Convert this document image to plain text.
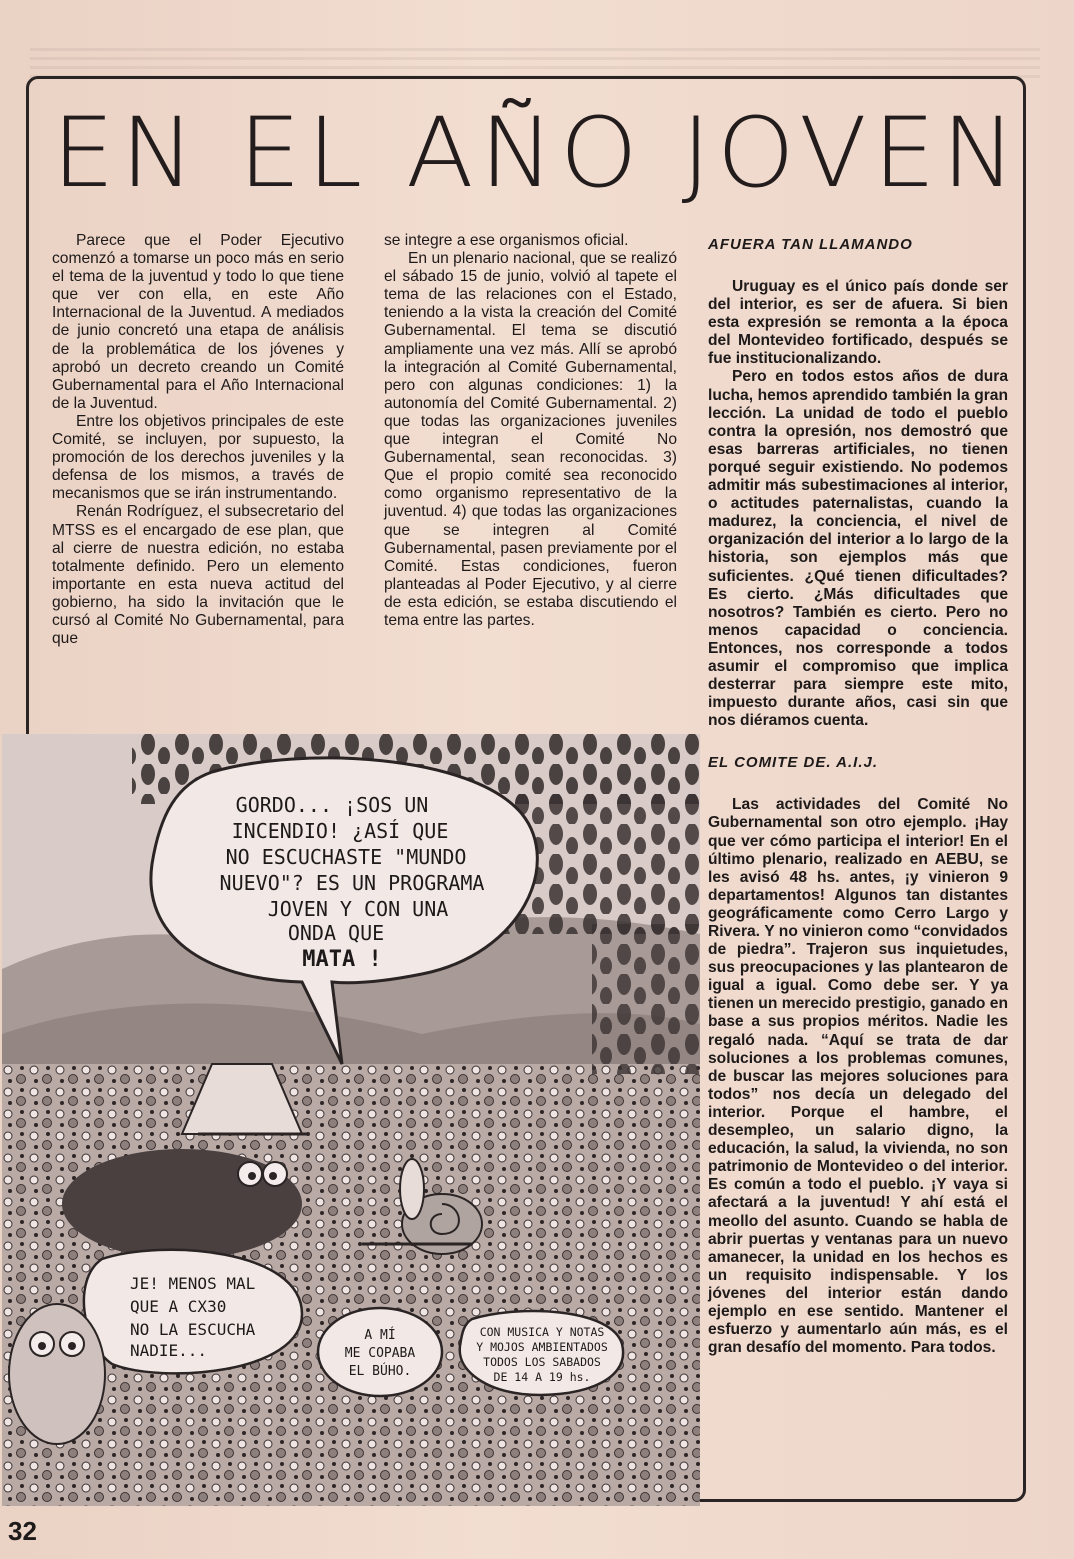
EN EL AÑO JOVEN

Parece que el Poder Ejecutivo comenzó a tomarse un poco más en serio el tema de la juventud y todo lo que tiene que ver con ella, en este Año Internacional de la Juventud. A mediados de junio concretó una etapa de análisis de la problemática de los jóvenes y aprobó un decreto creando un Comité Gubernamental para el Año Internacional de la Juventud.

Entre los objetivos principales de este Comité, se incluyen, por supuesto, la promoción de los derechos juveniles y la defensa de los mismos, a través de mecanismos que se irán instrumentando.

Renán Rodríguez, el subsecretario del MTSS es el encargado de ese plan, que al cierre de nuestra edición, no estaba totalmente definido. Pero un elemento importante en esta nueva actitud del gobierno, ha sido la invitación que le cursó al Comité No Gubernamental, para que

se integre a ese organismos oficial.

En un plenario nacional, que se realizó el sábado 15 de junio, volvió al tapete el tema de las relaciones con el Estado, teniendo a la vista la creación del Comité Gubernamental. El tema se discutió ampliamente una vez más. Allí se aprobó la integración al Comité Gubernamental, pero con algunas condiciones: 1) la autonomía del Comité Gubernamental. 2) que todas las organizaciones juveniles que integran el Comité No Gubernamental, sean reconocidas. 3) Que el propio comité sea reconocido como organismo representativo de la juventud. 4) que todas las organizaciones que se integren al Comité Gubernamental, pasen previamente por el Comité. Estas condiciones, fueron planteadas al Poder Ejecutivo, y al cierre de esta edición, se estaba discutiendo el tema entre las partes.

AFUERA TAN LLAMANDO

Uruguay es el único país donde ser del interior, es ser de afuera. Si bien esta expresión se remonta a la época del Montevideo fortificado, después se fue institucionalizando.

Pero en todos estos años de dura lucha, hemos aprendido también la gran lección. La unidad de todo el pueblo contra la opresión, nos demostró que esas barreras artificiales, no tienen porqué seguir existiendo. No podemos admitir más subestimaciones al interior, o actitudes paternalistas, cuando la madurez, la conciencia, el nivel de organización del interior a lo largo de la historia, son ejemplos más que suficientes. ¿Qué tienen dificultades? Es cierto. ¿Más dificultades que nosotros? También es cierto. Pero no menos capacidad o conciencia. Entonces, nos corresponde a todos asumir el compromiso que implica desterrar para siempre este mito, impuesto durante años, casi sin que nos diéramos cuenta.

EL COMITE DE. A.I.J.

Las actividades del Comité No Gubernamental son otro ejemplo. ¡Hay que ver cómo participa el interior! En el último plenario, realizado en AEBU, se les avisó 48 hs. antes, ¡y vinieron 9 departamentos! Algunos tan distantes geográficamente como Cerro Largo y Rivera. Y no vinieron como “convidados de piedra”. Trajeron sus inquietudes, sus preocupaciones y las plantearon de igual a igual. Como debe ser. Y ya tienen un merecido prestigio, ganado en base a sus propios méritos. Nadie les regaló nada. “Aquí se trata de dar soluciones a los problemas comunes, de buscar las mejores soluciones para todos” nos decía un delegado del interior. Porque el hambre, el desempleo, un salario digno, la educación, la salud, la vivienda, no son patrimonio de Montevideo o del interior. Es común a todo el pueblo. ¡Y vaya si afectará a la juventud! Y ahí está el meollo del asunto. Cuando se habla de abrir puertas y ventanas para un nuevo amanecer, la unidad en los hechos es un requisito indispensable. Y los jóvenes del interior están dando ejemplo en ese sentido. Mantener el esfuerzo y aumentarlo aún más, es el gran desafío del momento. Para todos.

GORDO... ¡SOS UN
INCENDIO! ¿ASÍ QUE
NO ESCUCHASTE "MUNDO
NUEVO"? ES UN PROGRAMA
JOVEN Y CON UNA
ONDA QUE
MATA !
JE! MENOS MAL
QUE A CX30
NO LA ESCUCHA
NADIE...
A MÍ
ME COPABA
EL BÚHO.
CON MUSICA Y NOTAS
Y MOJOS AMBIENTADOS
TODOS LOS SABADOS
DE 14 A 19 hs.
32
